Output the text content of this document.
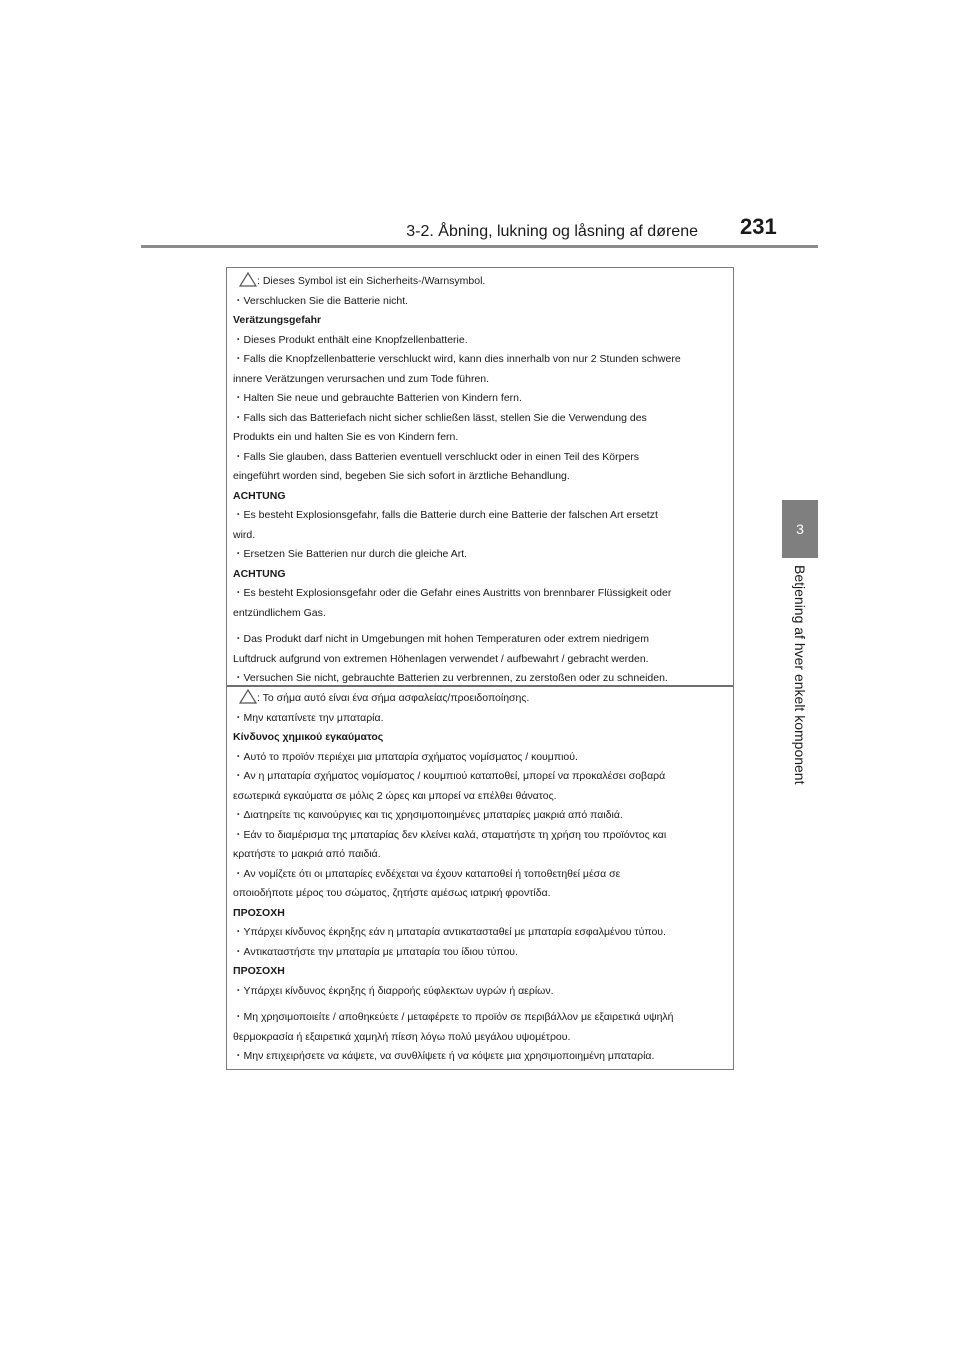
3-2. Åbning, lukning og låsning af dørene 231
3
Betjening af hver enkelt komponent
: Dieses Symbol ist ein Sicherheits-/Warnsymbol.
・Verschlucken Sie die Batterie nicht.
Verätzungsgefahr
・Dieses Produkt enthält eine Knopfzellenbatterie.
・Falls die Knopfzellenbatterie verschluckt wird, kann dies innerhalb von nur 2 Stunden schwere
innere Verätzungen verursachen und zum Tode führen.
・Halten Sie neue und gebrauchte Batterien von Kindern fern.
・Falls sich das Batteriefach nicht sicher schließen lässt, stellen Sie die Verwendung des
Produkts ein und halten Sie es von Kindern fern.
・Falls Sie glauben, dass Batterien eventuell verschluckt oder in einen Teil des Körpers
eingeführt worden sind, begeben Sie sich sofort in ärztliche Behandlung.
ACHTUNG
・Es besteht Explosionsgefahr, falls die Batterie durch eine Batterie der falschen Art ersetzt
wird.
・Ersetzen Sie Batterien nur durch die gleiche Art.
ACHTUNG
・Es besteht Explosionsgefahr oder die Gefahr eines Austritts von brennbarer Flüssigkeit oder
entzündlichem Gas.
・Das Produkt darf nicht in Umgebungen mit hohen Temperaturen oder extrem niedrigem
Luftdruck aufgrund von extremen Höhenlagen verwendet / aufbewahrt / gebracht werden.
・Versuchen Sie nicht, gebrauchte Batterien zu verbrennen, zu zerstoßen oder zu schneiden.
: Το σήμα αυτό είναι ένα σήμα ασφαλείας/προειδοποίησης.
・Μην καταπίνετε την μπαταρία.
Κίνδυνος χημικού εγκαύματος
・Αυτό το προϊόν περιέχει μια μπαταρία σχήματος νομίσματος / κουμπιού.
・Αν η μπαταρία σχήματος νομίσματος / κουμπιού καταποθεί, μπορεί να προκαλέσει σοβαρά
εσωτερικά εγκαύματα σε μόλις 2 ώρες και μπορεί να επέλθει θάνατος.
・Διατηρείτε τις καινούργιες και τις χρησιμοποιημένες μπαταρίες μακριά από παιδιά.
・Εάν το διαμέρισμα της μπαταρίας δεν κλείνει καλά, σταματήστε τη χρήση του προϊόντος και
κρατήστε το μακριά από παιδιά.
・Αν νομίζετε ότι οι μπαταρίες ενδέχεται να έχουν καταποθεί ή τοποθετηθεί μέσα σε
οποιοδήποτε μέρος του σώματος, ζητήστε αμέσως ιατρική φροντίδα.
ΠΡΟΣΟΧΗ
・Υπάρχει κίνδυνος έκρηξης εάν η μπαταρία αντικατασταθεί με μπαταρία εσφαλμένου τύπου.
・Αντικαταστήστε την μπαταρία με μπαταρία του ίδιου τύπου.
ΠΡΟΣΟΧΗ
・Υπάρχει κίνδυνος έκρηξης ή διαρροής εύφλεκτων υγρών ή αερίων.
・Μη χρησιμοποιείτε / αποθηκεύετε / μεταφέρετε το προϊόν σε περιβάλλον με εξαιρετικά υψηλή
θερμοκρασία ή εξαιρετικά χαμηλή πίεση λόγω πολύ μεγάλου υψομέτρου.
・Μην επιχειρήσετε να κάψετε, να συνθλίψετε ή να κόψετε μια χρησιμοποιημένη μπαταρία.
